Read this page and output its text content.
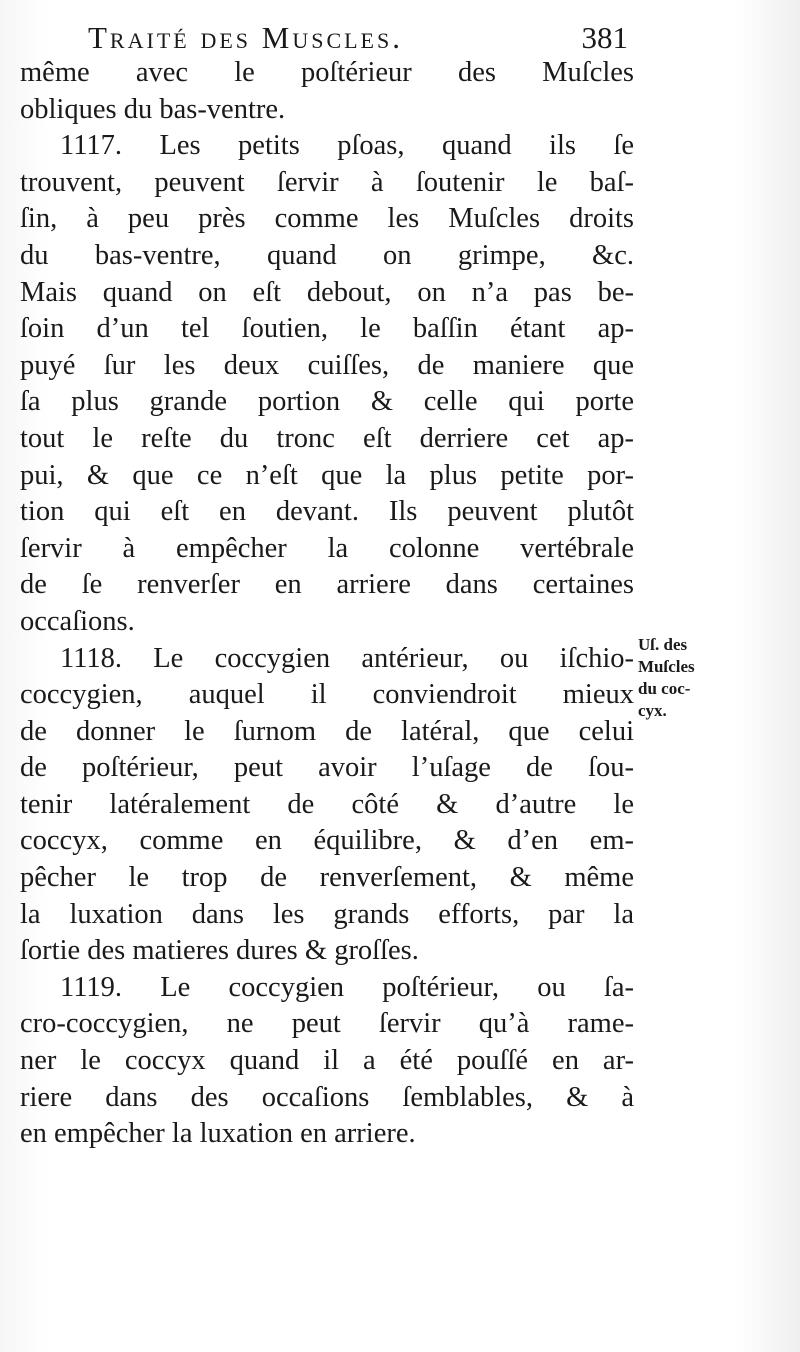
Traité des Muscles.	381
même avec le poſtérieur des Muſcles
obliques du bas-ventre.
1117. Les petits pſoas, quand ils ſe
trouvent, peuvent ſervir à ſoutenir le baſ-
ſin, à peu près comme les Muſcles droits
du bas-ventre, quand on grimpe, &c.
Mais quand on eſt debout, on n’a pas be-
ſoin d’un tel ſoutien, le baſſin étant ap-
puyé ſur les deux cuiſſes, de maniere que
ſa plus grande portion & celle qui porte
tout le reſte du tronc eſt derriere cet ap-
pui, & que ce n’eſt que la plus petite por-
tion qui eſt en devant. Ils peuvent plutôt
ſervir à empêcher la colonne vertébrale
de ſe renverſer en arriere dans certaines
occaſions.
1118. Le coccygien antérieur, ou iſchio-
coccygien, auquel il conviendroit mieux
de donner le ſurnom de latéral, que celui
de poſtérieur, peut avoir l’uſage de ſou-
tenir latéralement de côté & d’autre le
coccyx, comme en équilibre, & d’en em-
pêcher le trop de renverſement, & même
la luxation dans les grands efforts, par la
ſortie des matieres dures & groſſes.
1119. Le coccygien poſtérieur, ou ſa-
cro-coccygien, ne peut ſervir qu’à rame-
ner le coccyx quand il a été pouſſé en ar-
riere dans des occaſions ſemblables, & à
en empêcher la luxation en arriere.
Uſ. des
Muſcles
du coc-
cyx.
